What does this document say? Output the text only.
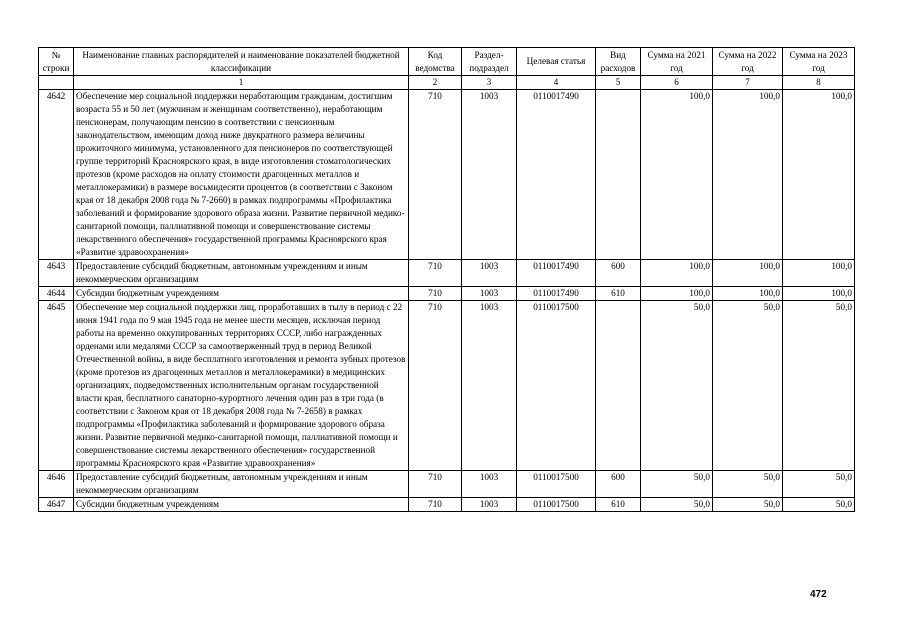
№ строки	Наименование главных распорядителей и наименование показателей бюджетной классификации	Код ведомства	Раздел-подраздел	Целевая статья	Вид расходов	Сумма на 2021 год	Сумма на 2022 год	Сумма на 2023 год
	1	2	3	4	5	6	7	8
4642	Обеспечение мер социальной поддержки неработающим гражданам, достигшим возраста 55 и 50 лет (мужчинам и женщинам соответственно), неработающим пенсионерам, получающим пенсию в соответствии с пенсионным законодательством, имеющим доход ниже двукратного размера величины прожиточного минимума, установленного для пенсионеров по соответствующей группе территорий Красноярского края, в виде изготовления стоматологических протезов (кроме расходов на оплату стоимости драгоценных металлов и металлокерамики) в размере восьмидесяти процентов (в соответствии с Законом края от 18 декабря 2008 года № 7-2660) в рамках подпрограммы «Профилактика заболеваний и формирование здорового образа жизни. Развитие первичной медико-санитарной помощи, паллиативной помощи и совершенствование системы лекарственного обеспечения» государственной программы Красноярского края «Развитие здравоохранения»	710	1003	0110017490		100,0	100,0	100,0
4643	Предоставление субсидий бюджетным, автономным учреждениям и иным некоммерческим организациям	710	1003	0110017490	600	100,0	100,0	100,0
4644	Субсидии бюджетным учреждениям	710	1003	0110017490	610	100,0	100,0	100,0
4645	Обеспечение мер социальной поддержки лиц, проработавших в тылу в период с 22 июня 1941 года по 9 мая 1945 года не менее шести месяцев, исключая период работы на временно оккупированных территориях СССР, либо награжденных орденами или медалями СССР за самоотверженный труд в период Великой Отечественной войны, в виде бесплатного изготовления и ремонта зубных протезов (кроме протезов из драгоценных металлов и металлокерамики) в медицинских организациях, подведомственных исполнительным органам государственной власти края, бесплатного санаторно-курортного лечения один раз в три года (в соответствии с Законом края от 18 декабря 2008 года № 7-2658) в рамках подпрограммы «Профилактика заболеваний и формирование здорового образа жизни. Развитие первичной медико-санитарной помощи, паллиативной помощи и совершенствование системы лекарственного обеспечения» государственной программы Красноярского края «Развитие здравоохранения»	710	1003	0110017500		50,0	50,0	50,0
4646	Предоставление субсидий бюджетным, автономным учреждениям и иным некоммерческим организациям	710	1003	0110017500	600	50,0	50,0	50,0
4647	Субсидии бюджетным учреждениям	710	1003	0110017500	610	50,0	50,0	50,0
472
